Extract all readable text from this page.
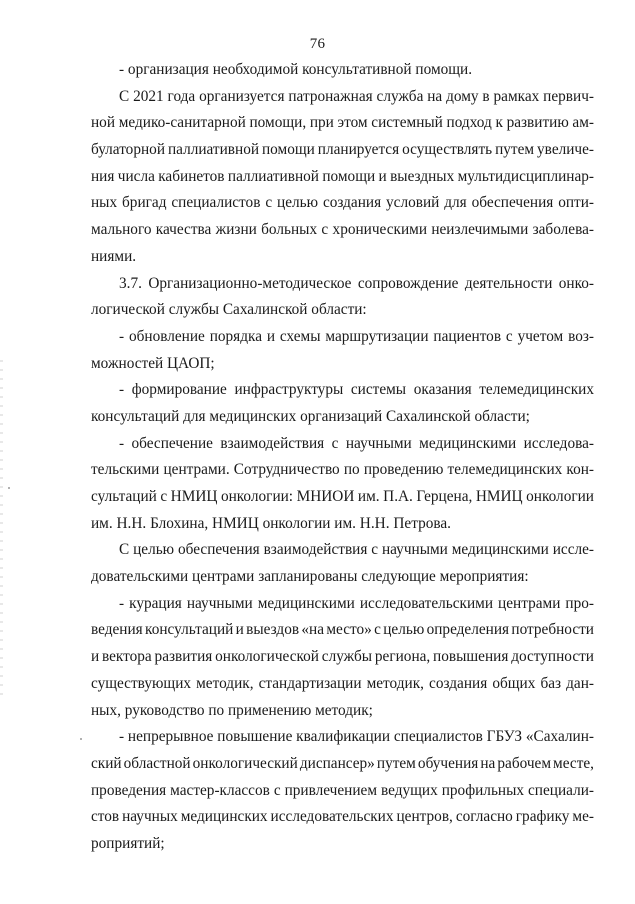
76
- организация необходимой консультативной помощи.
С 2021 года организуется патронажная служба на дому в рамках первич-
ной медико-санитарной помощи, при этом системный подход к развитию ам-
булаторной паллиативной помощи планируется осуществлять путем увеличе-
ния числа кабинетов паллиативной помощи и выездных мультидисциплинар-
ных бригад специалистов с целью создания условий для обеспечения опти-
мального качества жизни больных с хроническими неизлечимыми заболева-
ниями.
3.7. Организационно-методическое сопровождение деятельности онко-
логической службы Сахалинской области:
- обновление порядка и схемы маршрутизации пациентов с учетом воз-
можностей ЦАОП;
- формирование инфраструктуры системы оказания телемедицинских
консультаций для медицинских организаций Сахалинской области;
- обеспечение взаимодействия с научными медицинскими исследова-
тельскими центрами. Сотрудничество по проведению телемедицинских кон-
сультаций с НМИЦ онкологии: МНИОИ им. П.А. Герцена, НМИЦ онкологии
им. Н.Н. Блохина, НМИЦ онкологии им. Н.Н. Петрова.
С целью обеспечения взаимодействия с научными медицинскими иссле-
довательскими центрами запланированы следующие мероприятия:
- курация научными медицинскими исследовательскими центрами про-
ведения консультаций и выездов «на место» с целью определения потребности
и вектора развития онкологической службы региона, повышения доступности
существующих методик, стандартизации методик, создания общих баз дан-
ных, руководство по применению методик;
- непрерывное повышение квалификации специалистов ГБУЗ «Сахалин-
ский областной онкологический диспансер» путем обучения на рабочем месте,
проведения мастер-классов с привлечением ведущих профильных специали-
стов научных медицинских исследовательских центров, согласно графику ме-
роприятий;
